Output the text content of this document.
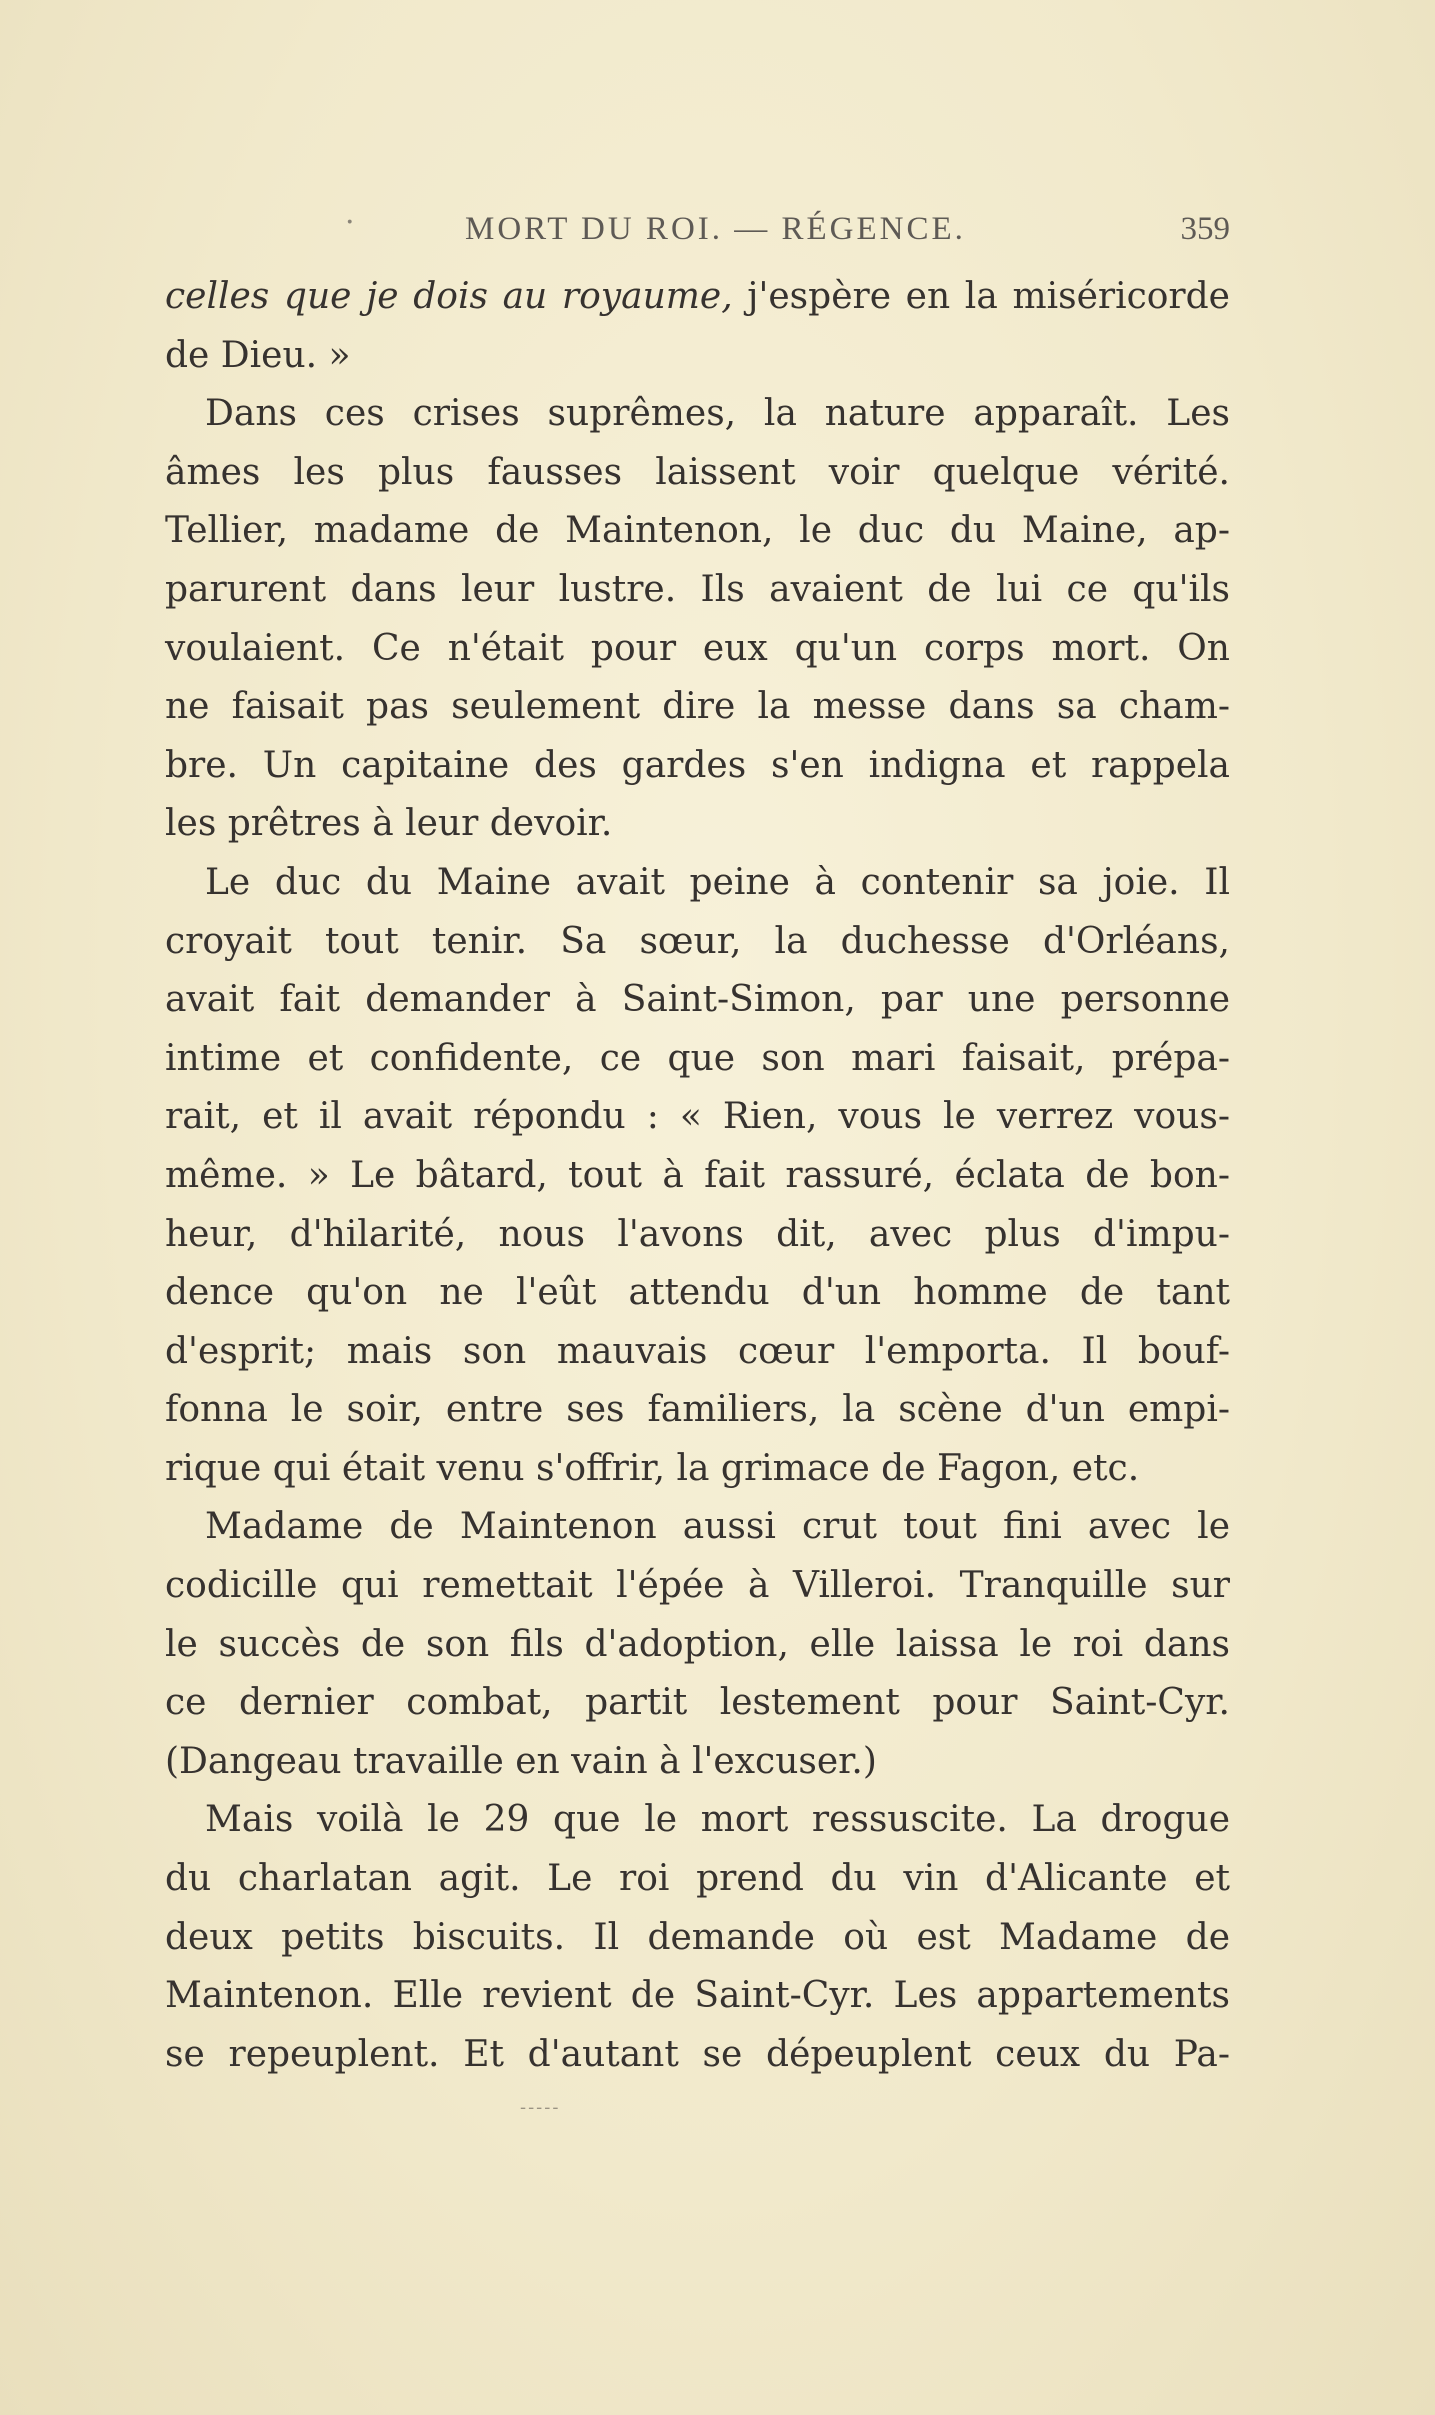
·	MORT DU ROI. — RÉGENCE.	359
celles que je dois au royaume, j'espère en la miséricorde
de Dieu. »
Dans ces crises suprêmes, la nature apparaît. Les
âmes les plus fausses laissent voir quelque vérité.
Tellier, madame de Maintenon, le duc du Maine, ap-
parurent dans leur lustre. Ils avaient de lui ce qu'ils
voulaient. Ce n'était pour eux qu'un corps mort. On
ne faisait pas seulement dire la messe dans sa cham-
bre. Un capitaine des gardes s'en indigna et rappela
les prêtres à leur devoir.
Le duc du Maine avait peine à contenir sa joie. Il
croyait tout tenir. Sa sœur, la duchesse d'Orléans,
avait fait demander à Saint-Simon, par une personne
intime et confidente, ce que son mari faisait, prépa-
rait, et il avait répondu : « Rien, vous le verrez vous-
même. » Le bâtard, tout à fait rassuré, éclata de bon-
heur, d'hilarité, nous l'avons dit, avec plus d'impu-
dence qu'on ne l'eût attendu d'un homme de tant
d'esprit; mais son mauvais cœur l'emporta. Il bouf-
fonna le soir, entre ses familiers, la scène d'un empi-
rique qui était venu s'offrir, la grimace de Fagon, etc.
Madame de Maintenon aussi crut tout fini avec le
codicille qui remettait l'épée à Villeroi. Tranquille sur
le succès de son fils d'adoption, elle laissa le roi dans
ce dernier combat, partit lestement pour Saint-Cyr.
(Dangeau travaille en vain à l'excuser.)
Mais voilà le 29 que le mort ressuscite. La drogue
du charlatan agit. Le roi prend du vin d'Alicante et
deux petits biscuits. Il demande où est Madame de
Maintenon. Elle revient de Saint-Cyr. Les appartements
se repeuplent. Et d'autant se dépeuplent ceux du Pa-
-----
